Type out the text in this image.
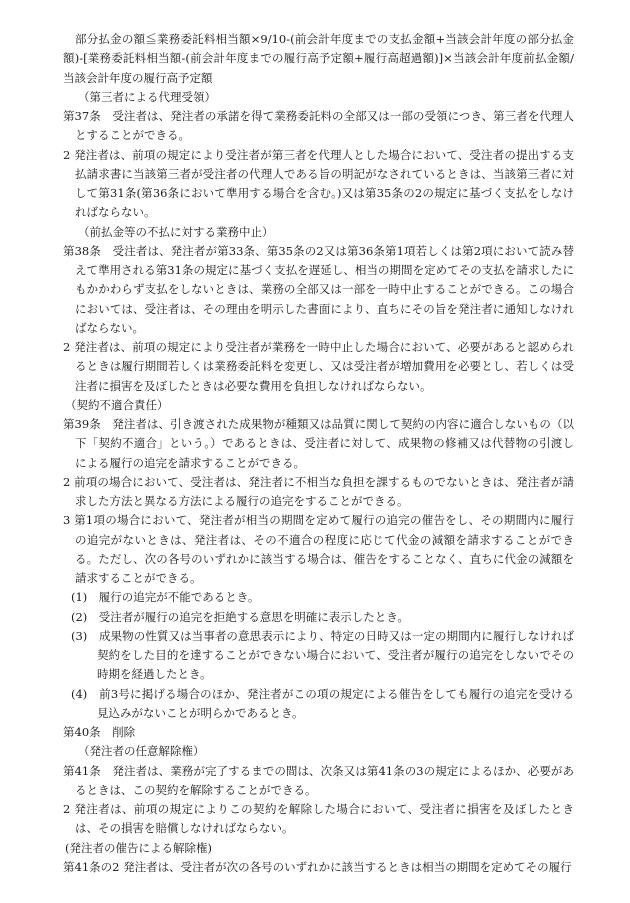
部分払金の額≦業務委託料相当額×9/10-(前会計年度までの支払金額+当該会計年度の部分払金額)-[業務委託料相当額-(前会計年度までの履行高予定額+履行高超過額)]×当該会計年度前払金額/当該会計年度の履行高予定額
（第三者による代理受領）
第37条　受注者は、発注者の承諾を得て業務委託料の全部又は一部の受領につき、第三者を代理人とすることができる。
2 発注者は、前項の規定により受注者が第三者を代理人とした場合において、受注者の提出する支払請求書に当該第三者が受注者の代理人である旨の明記がなされているときは、当該第三者に対して第31条(第36条において準用する場合を含む。)又は第35条の2の規定に基づく支払をしなければならない。
（前払金等の不払に対する業務中止）
第38条　受注者は、発注者が第33条、第35条の2又は第36条第1項若しくは第2項において読み替えて準用される第31条の規定に基づく支払を遅延し、相当の期間を定めてその支払を請求したにもかかわらず支払をしないときは、業務の全部又は一部を一時中止することができる。この場合においては、受注者は、その理由を明示した書面により、直ちにその旨を発注者に通知しなければならない。
2 発注者は、前項の規定により受注者が業務を一時中止した場合において、必要があると認められるときは履行期間若しくは業務委託料を変更し、又は受注者が増加費用を必要とし、若しくは受注者に損害を及ぼしたときは必要な費用を負担しなければならない。
（契約不適合責任）
第39条　発注者は、引き渡された成果物が種類又は品質に関して契約の内容に適合しないもの（以下「契約不適合」という。）であるときは、受注者に対して、成果物の修補又は代替物の引渡しによる履行の追完を請求することができる。
2 前項の場合において、受注者は、発注者に不相当な負担を課するものでないときは、発注者が請求した方法と異なる方法による履行の追完をすることができる。
3 第1項の場合において、発注者が相当の期間を定めて履行の追完の催告をし、その期間内に履行の追完がないときは、発注者は、その不適合の程度に応じて代金の減額を請求することができる。ただし、次の各号のいずれかに該当する場合は、催告をすることなく、直ちに代金の減額を請求することができる。
(1)　履行の追完が不能であるとき。
(2)　受注者が履行の追完を拒絶する意思を明確に表示したとき。
(3)　成果物の性質又は当事者の意思表示により、特定の日時又は一定の期間内に履行しなければ契約をした目的を達することができない場合において、受注者が履行の追完をしないでその時期を経過したとき。
(4)　前3号に掲げる場合のほか、発注者がこの項の規定による催告をしても履行の追完を受ける見込みがないことが明らかであるとき。
第40条　削除
（発注者の任意解除権）
第41条　発注者は、業務が完了するまでの間は、次条又は第41条の3の規定によるほか、必要があるときは、この契約を解除することができる。
2 発注者は、前項の規定によりこの契約を解除した場合において、受注者に損害を及ぼしたときは、その損害を賠償しなければならない。
(発注者の催告による解除権)
第41条の2 発注者は、受注者が次の各号のいずれかに該当するときは相当の期間を定めてその履行
